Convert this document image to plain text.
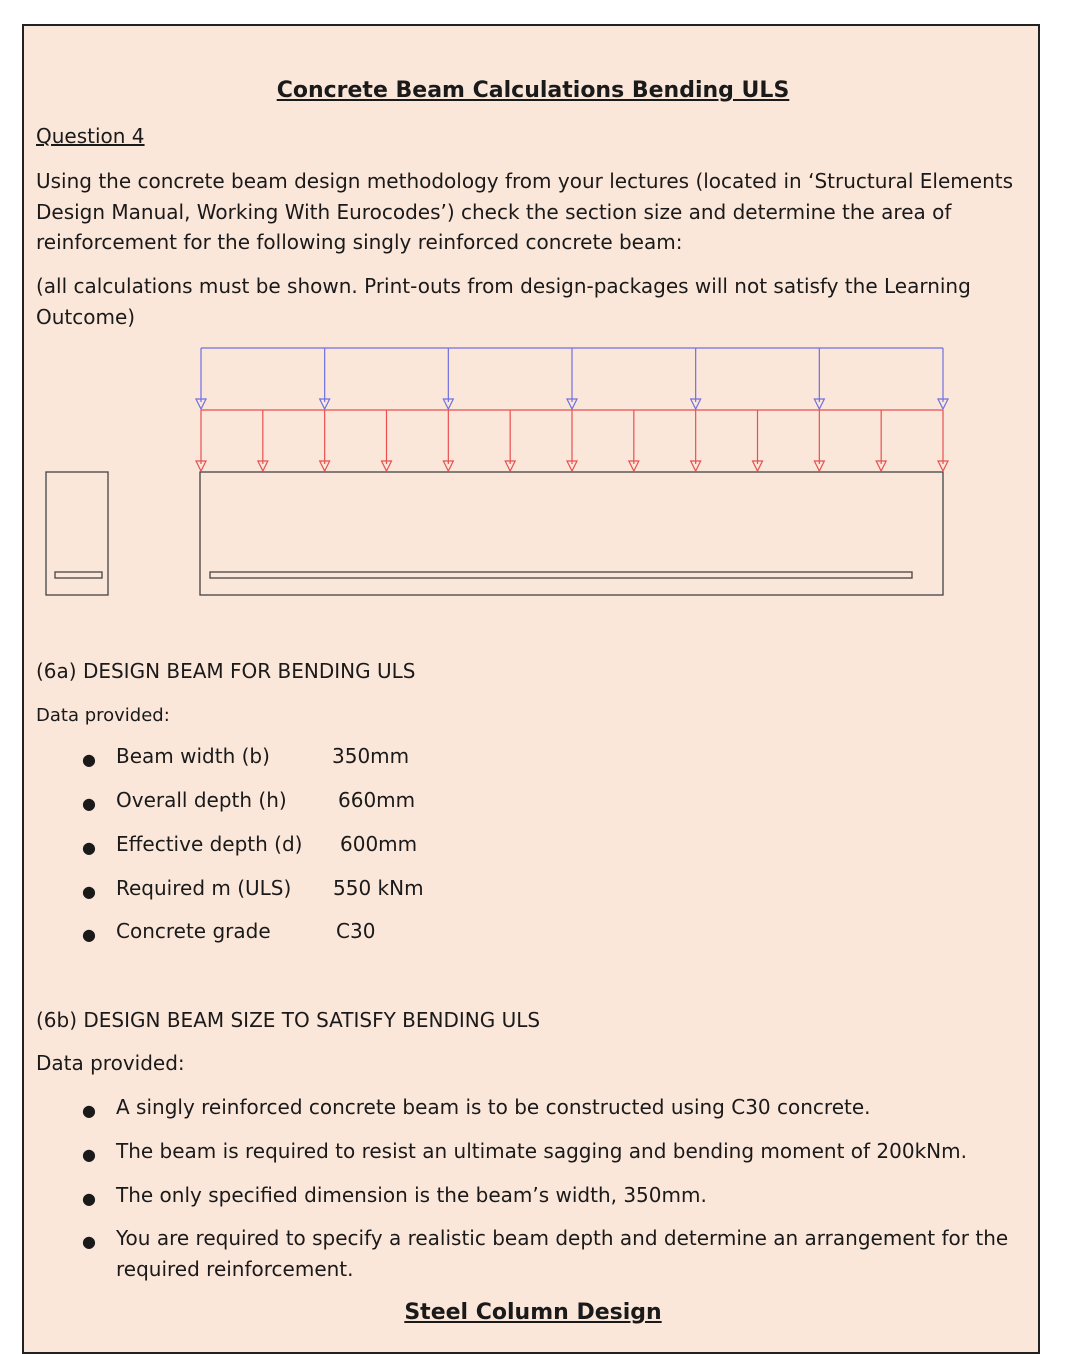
Concrete Beam Calculations Bending ULS
Question 4
Using the concrete beam design methodology from your lectures (located in ‘Structural Elements Design Manual, Working With Eurocodes’) check the section size and determine the area of reinforcement for the following singly reinforced concrete beam:
(all calculations must be shown. Print-outs from design-packages will not satisfy the Learning Outcome)
(6a) DESIGN BEAM FOR BENDING ULS
Data provided:
● Beam width (b)	350mm
● Overall depth (h)	660mm
● Effective depth (d) 600mm
● Required m (ULS) 550 kNm
● Concrete grade	C30
(6b) DESIGN BEAM SIZE TO SATISFY BENDING ULS
Data provided:
● A singly reinforced concrete beam is to be constructed using C30 concrete.
● The beam is required to resist an ultimate sagging and bending moment of 200kNm.
● The only specified dimension is the beam’s width, 350mm.
● You are required to specify a realistic beam depth and determine an arrangement for the required reinforcement.
Steel Column Design
